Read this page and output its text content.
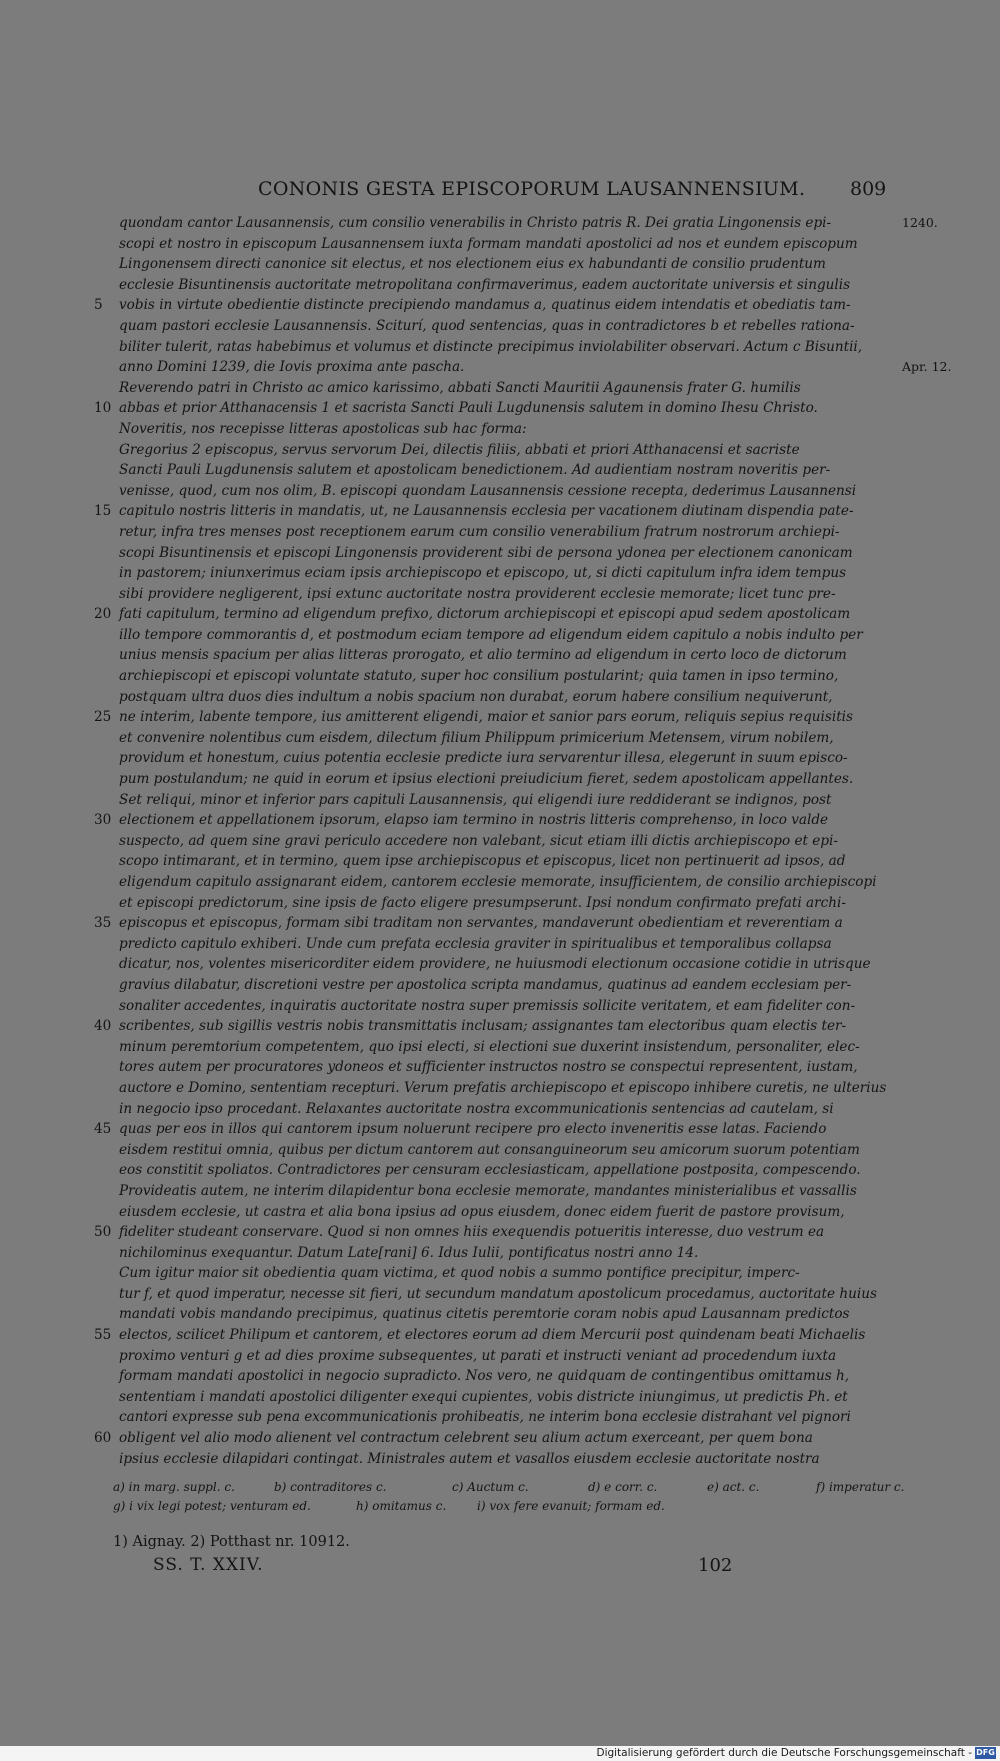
CONONIS GESTA EPISCOPORUM LAUSANNENSIUM. 809
quondam cantor Lausannensis, cum consilio venerabilis in Christo patris R. Dei gratia Lingonensis epi-	1240.
scopi et nostro in episcopum Lausannensem iuxta formam mandati apostolici ad nos et eundem episcopum
Lingonensem directi canonice sit electus, et nos electionem eius ex habundanti de consilio prudentum
ecclesie Bisuntinensis auctoritate metropolitana confirmaverimus, eadem auctoritate universis et singulis
5 vobis in virtute obedientie distincte precipiendo mandamus a, quatinus eidem intendatis et obediatis tam-
quam pastori ecclesie Lausannensis. Sciturí, quod sentencias, quas in contradictores b et rebelles rationa-
biliter tulerit, ratas habebimus et volumus et distincte precipimus inviolabiliter observari. Actum c Bisuntii,
anno Domini 1239, die Iovis proxima ante pascha.	Apr. 12.
Reverendo patri in Christo ac amico karissimo, abbati Sancti Mauritii Agaunensis frater G. humilis
10 abbas et prior Atthanacensis 1 et sacrista Sancti Pauli Lugdunensis salutem in domino Ihesu Christo.
Noveritis, nos recepisse litteras apostolicas sub hac forma:
Gregorius 2 episcopus, servus servorum Dei, dilectis filiis, abbati et priori Atthanacensi et sacriste
Sancti Pauli Lugdunensis salutem et apostolicam benedictionem. Ad audientiam nostram noveritis per-
venisse, quod, cum nos olim, B. episcopi quondam Lausannensis cessione recepta, dederimus Lausannensi
15 capitulo nostris litteris in mandatis, ut, ne Lausannensis ecclesia per vacationem diutinam dispendia pate-
retur, infra tres menses post receptionem earum cum consilio venerabilium fratrum nostrorum archiepi-
scopi Bisuntinensis et episcopi Lingonensis providerent sibi de persona ydonea per electionem canonicam
in pastorem; iniunxerimus eciam ipsis archiepiscopo et episcopo, ut, si dicti capitulum infra idem tempus
sibi providere negligerent, ipsi extunc auctoritate nostra providerent ecclesie memorate; licet tunc pre-
20 fati capitulum, termino ad eligendum prefixo, dictorum archiepiscopi et episcopi apud sedem apostolicam
illo tempore commorantis d, et postmodum eciam tempore ad eligendum eidem capitulo a nobis indulto per
unius mensis spacium per alias litteras prorogato, et alio termino ad eligendum in certo loco de dictorum
archiepiscopi et episcopi voluntate statuto, super hoc consilium postularint; quia tamen in ipso termino,
postquam ultra duos dies indultum a nobis spacium non durabat, eorum habere consilium nequiverunt,
25 ne interim, labente tempore, ius amitterent eligendi, maior et sanior pars eorum, reliquis sepius requisitis
et convenire nolentibus cum eisdem, dilectum filium Philippum primicerium Metensem, virum nobilem,
providum et honestum, cuius potentia ecclesie predicte iura servarentur illesa, elegerunt in suum episco-
pum postulandum; ne quid in eorum et ipsius electioni preiudicium fieret, sedem apostolicam appellantes.
Set reliqui, minor et inferior pars capituli Lausannensis, qui eligendi iure reddiderant se indignos, post
30 electionem et appellationem ipsorum, elapso iam termino in nostris litteris comprehenso, in loco valde
suspecto, ad quem sine gravi periculo accedere non valebant, sicut etiam illi dictis archiepiscopo et epi-
scopo intimarant, et in termino, quem ipse archiepiscopus et episcopus, licet non pertinuerit ad ipsos, ad
eligendum capitulo assignarant eidem, cantorem ecclesie memorate, insufficientem, de consilio archiepiscopi
et episcopi predictorum, sine ipsis de facto eligere presumpserunt. Ipsi nondum confirmato prefati archi-
35 episcopus et episcopus, formam sibi traditam non servantes, mandaverunt obedientiam et reverentiam a
predicto capitulo exhiberi. Unde cum prefata ecclesia graviter in spiritualibus et temporalibus collapsa
dicatur, nos, volentes misericorditer eidem providere, ne huiusmodi electionum occasione cotidie in utrisque
gravius dilabatur, discretioni vestre per apostolica scripta mandamus, quatinus ad eandem ecclesiam per-
sonaliter accedentes, inquiratis auctoritate nostra super premissis sollicite veritatem, et eam fideliter con-
40 scribentes, sub sigillis vestris nobis transmittatis inclusam; assignantes tam electoribus quam electis ter-
minum peremtorium competentem, quo ipsi electi, si electioni sue duxerint insistendum, personaliter, elec-
tores autem per procuratores ydoneos et sufficienter instructos nostro se conspectui representent, iustam,
auctore e Domino, sententiam recepturi. Verum prefatis archiepiscopo et episcopo inhibere curetis, ne ulterius
in negocio ipso procedant. Relaxantes auctoritate nostra excommunicationis sentencias ad cautelam, si
45 quas per eos in illos qui cantorem ipsum noluerunt recipere pro electo inveneritis esse latas. Faciendo
eisdem restitui omnia, quibus per dictum cantorem aut consanguineorum seu amicorum suorum potentiam
eos constitit spoliatos. Contradictores per censuram ecclesiasticam, appellatione postposita, compescendo.
Provideatis autem, ne interim dilapidentur bona ecclesie memorate, mandantes ministerialibus et vassallis
eiusdem ecclesie, ut castra et alia bona ipsius ad opus eiusdem, donec eidem fuerit de pastore provisum,
50 fideliter studeant conservare. Quod si non omnes hiis exequendis potueritis interesse, duo vestrum ea
nichilominus exequantur. Datum Late[rani] 6. Idus Iulii, pontificatus nostri anno 14.
Cum igitur maior sit obedientia quam victima, et quod nobis a summo pontifice precipitur, imperc-
tur f, et quod imperatur, necesse sit fieri, ut secundum mandatum apostolicum procedamus, auctoritate huius
mandati vobis mandando precipimus, quatinus citetis peremtorie coram nobis apud Lausannam predictos
55 electos, scilicet Philipum et cantorem, et electores eorum ad diem Mercurii post quindenam beati Michaelis
proximo venturi g et ad dies proxime subsequentes, ut parati et instructi veniant ad procedendum iuxta
formam mandati apostolici in negocio supradicto. Nos vero, ne quidquam de contingentibus omittamus h,
sententiam i mandati apostolici diligenter exequi cupientes, vobis districte iniungimus, ut predictis Ph. et
cantori expresse sub pena excommunicationis prohibeatis, ne interim bona ecclesie distrahant vel pignori
60 obligent vel alio modo alienent vel contractum celebrent seu alium actum exerceant, per quem bona
ipsius ecclesie dilapidari contingat. Ministrales autem et vasallos eiusdem ecclesie auctoritate nostra
a) in marg. suppl. c.	b) contraditores c.	c) Auctum c.	d) e corr. c.	e) act. c.	f) imperatur c.
g) i vix legi potest; venturam ed.	h) omitamus c.	i) vox fere evanuit; formam ed.
1) Aignay. 2) Potthast nr. 10912.
SS. T. XXIV.	102
Digitalisierung gefördert durch die Deutsche Forschungsgemeinschaft - DFG
